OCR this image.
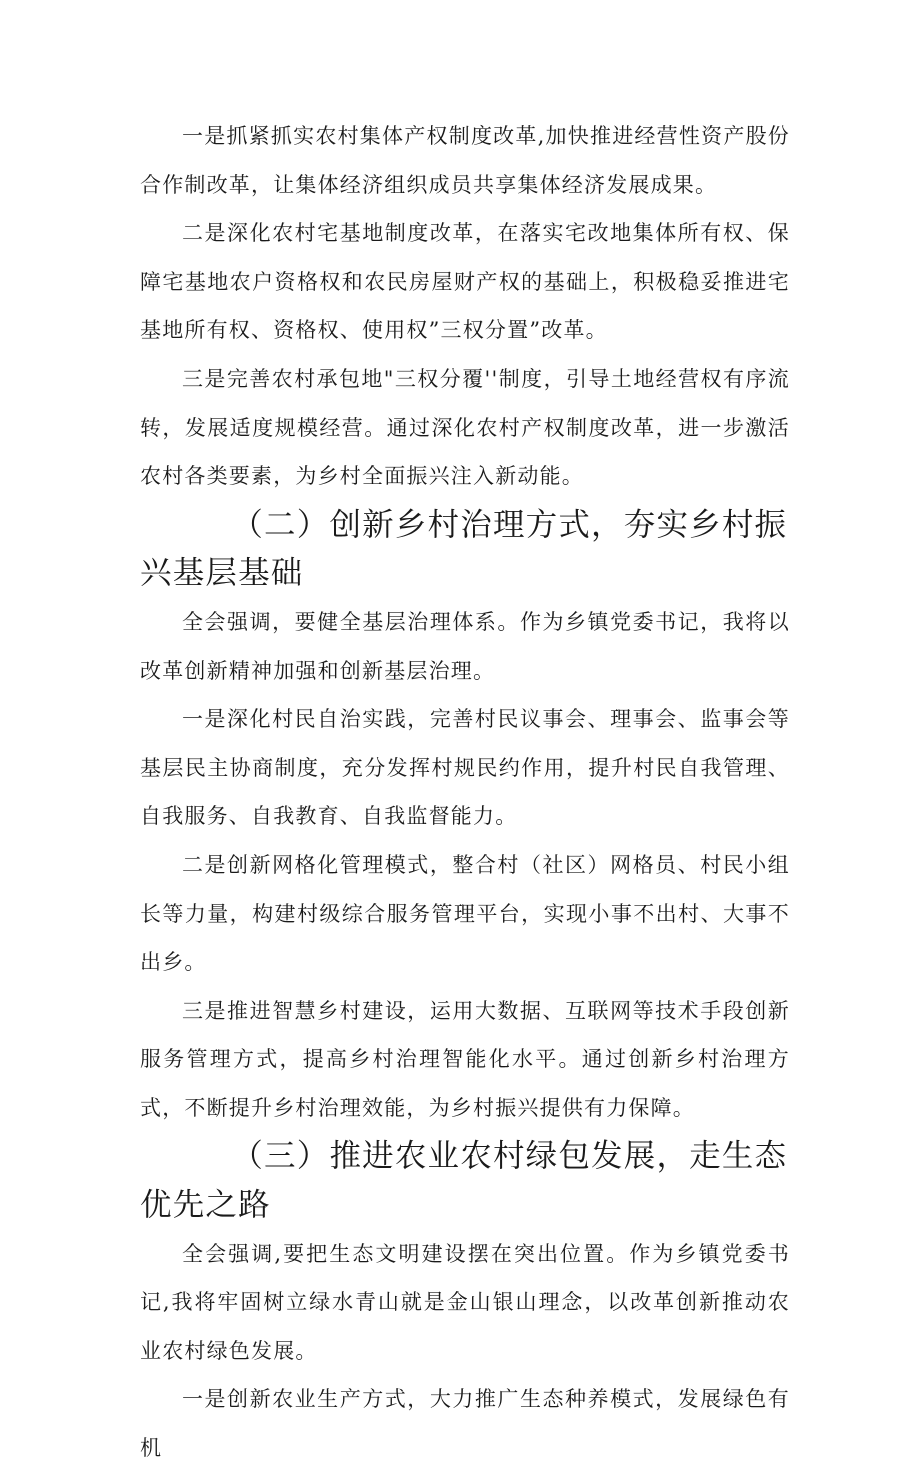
一是抓紧抓实农村集体产权制度改革,加快推进经营性资产股份合作制改革，让集体经济组织成员共享集体经济发展成果。

二是深化农村宅基地制度改革，在落实宅改地集体所有权、保障宅基地农户资格权和农民房屋财产权的基础上，积极稳妥推进宅基地所有权、资格权、使用权”三权分置”改革。

三是完善农村承包地"三权分覆''制度，引导土地经营权有序流转，发展适度规模经营。通过深化农村产权制度改革，进一步激活农村各类要素，为乡村全面振兴注入新动能。

（二）创新乡村治理方式，夯实乡村振兴基层基础

全会强调，要健全基层治理体系。作为乡镇党委书记，我将以改革创新精神加强和创新基层治理。

一是深化村民自治实践，完善村民议事会、理事会、监事会等基层民主协商制度，充分发挥村规民约作用，提升村民自我管理、自我服务、自我教育、自我监督能力。

二是创新网格化管理模式，整合村（社区）网格员、村民小组长等力量，构建村级综合服务管理平台，实现小事不出村、大事不出乡。

三是推进智慧乡村建设，运用大数据、互联网等技术手段创新服务管理方式，提高乡村治理智能化水平。通过创新乡村治理方式，不断提升乡村治理效能，为乡村振兴提供有力保障。

（三）推进农业农村绿包发展，走生态优先之路

全会强调,要把生态文明建设摆在突出位置。作为乡镇党委书记,我将牢固树立绿水青山就是金山银山理念，以改革创新推动农业农村绿色发展。

一是创新农业生产方式，大力推广生态种养模式，发展绿色有机
